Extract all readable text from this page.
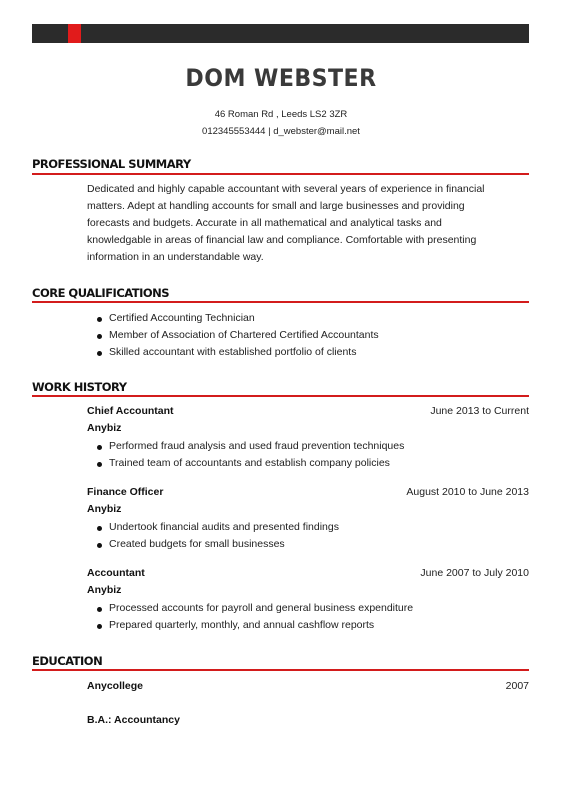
DOM WEBSTER
46 Roman Rd , Leeds LS2 3ZR
012345553444 | d_webster@mail.net
PROFESSIONAL SUMMARY
Dedicated and highly capable accountant with several years of experience in financial
matters. Adept at handling accounts for small and large businesses and providing
forecasts and budgets. Accurate in all mathematical and analytical tasks and
knowledgable in areas of financial law and compliance. Comfortable with presenting
information in an understandable way.
CORE QUALIFICATIONS
Certified Accounting Technician
Member of Association of Chartered Certified Accountants
Skilled accountant with established portfolio of clients
WORK HISTORY
Chief Accountant	June 2013 to Current
Anybiz
Performed fraud analysis and used fraud prevention techniques
Trained team of accountants and establish company policies
Finance Officer	August 2010 to June 2013
Anybiz
Undertook financial audits and presented findings
Created budgets for small businesses
Accountant	June 2007 to July 2010
Anybiz
Processed accounts for payroll and general business expenditure
Prepared quarterly, monthly, and annual cashflow reports
EDUCATION
Anycollege	2007
B.A.: Accountancy
